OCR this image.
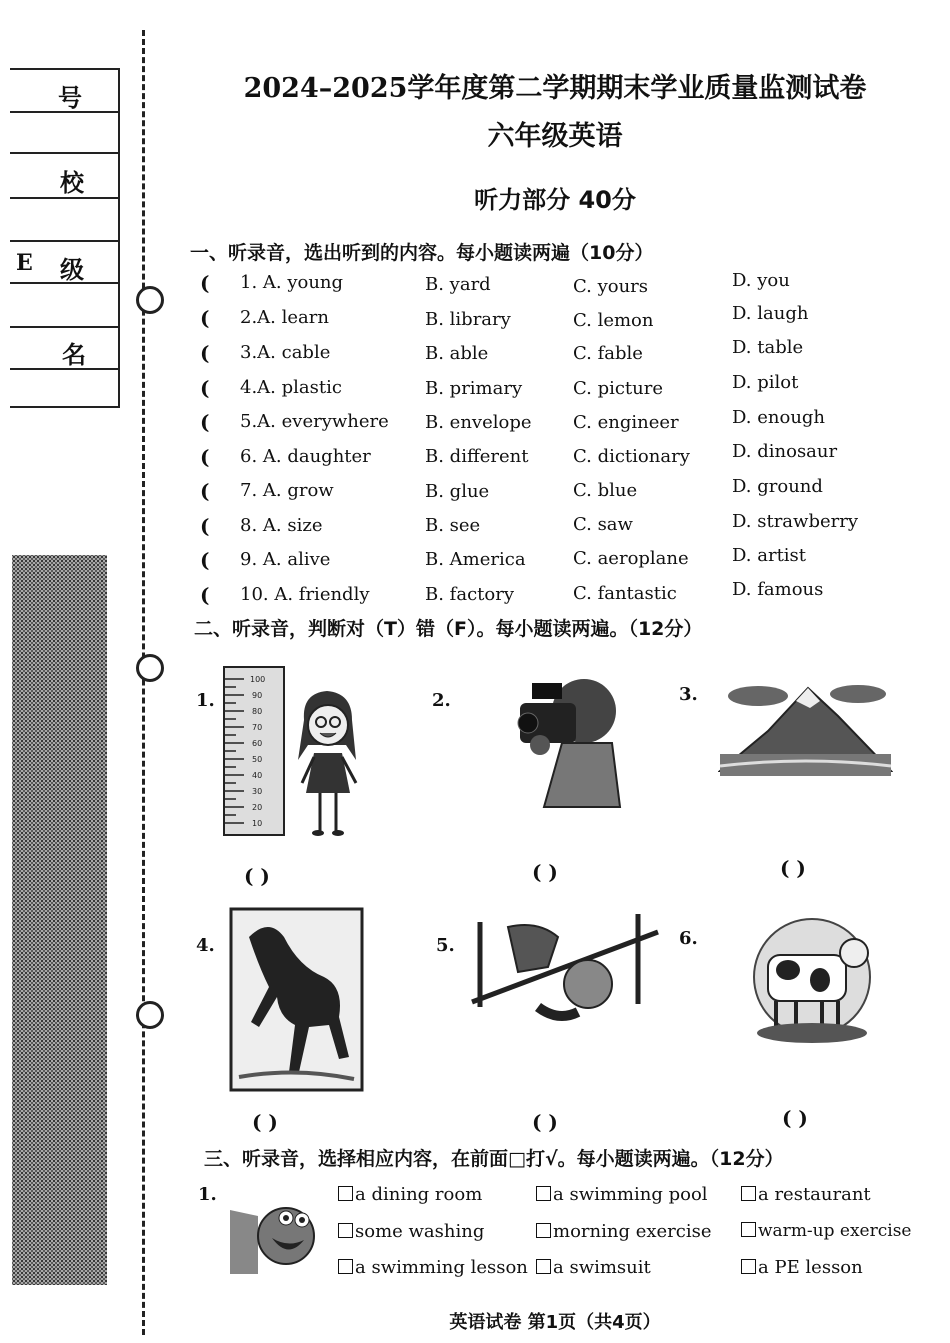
号
校
级
名
E
2024–2025学年度第二学期期末学业质量监测试卷
六年级英语
听力部分 40分
一、听录音，选出听到的内容。每小题读两遍（10分）
( 1. A. young	B. yard	C. yours	D. you
( 2.A. learn	B. library	C. lemon	D. laugh
( 3.A. cable	B. able	C. fable	D. table
( 4.A. plastic	B. primary	C. picture	D. pilot
( 5.A. everywhere B. envelope C. engineer	D. enough
( 6. A. daughter	B. different C. dictionary D. dinosaur
( 7. A. grow	B. glue	C. blue	D. ground
( 8. A. size	B. see	C. saw	D. strawberry
( 9. A. alive	B. America	C. aeroplane D. artist
( 10. A. friendly	B. factory	C. fantastic	D. famous
二、听录音，判断对（T）错（F）。每小题读两遍。（12分）
1.	2.	3.
4.	5.	6.
100
90
80
70
60
50
40
30
20
10
( )	( )	( )
( )	( )	( )
三、听录音，选择相应内容，在前面□打√。每小题读两遍。（12分）
1.	a dining room	a swimming pool	a restaurant
some washing	morning exercise	warm-up exercise
a swimming lesson	a swimsuit	a PE lesson
英语试卷 第1页（共4页）
